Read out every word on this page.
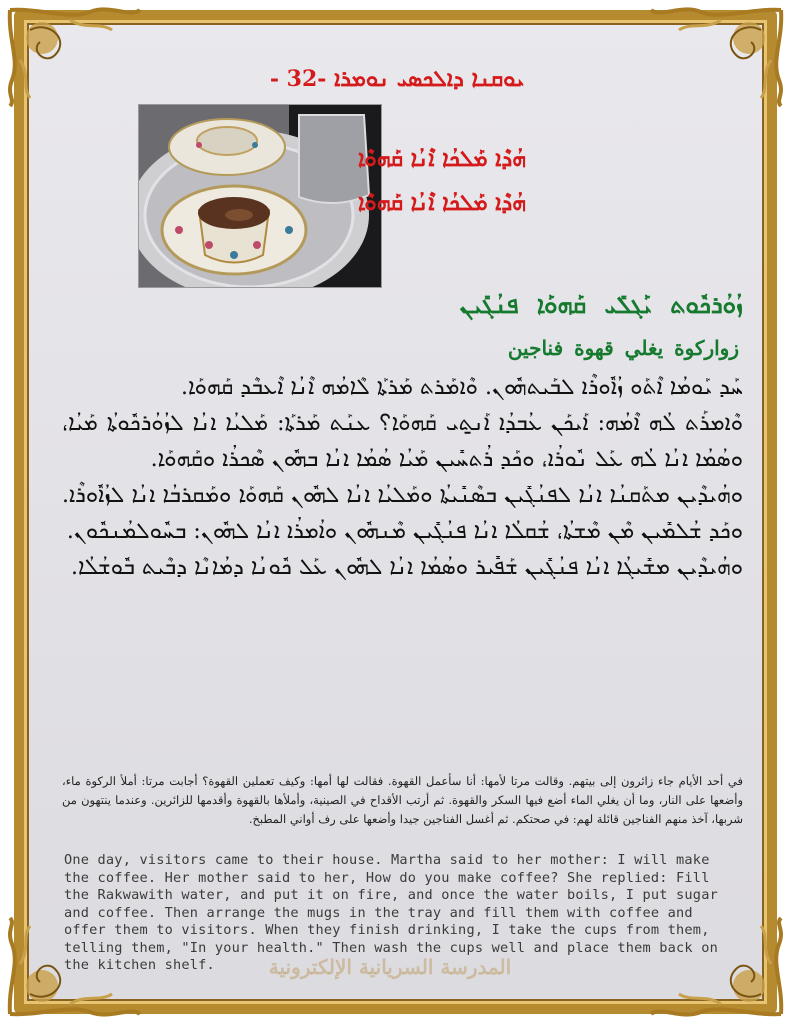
ܝܘܩܢܐ ܕܐܠܟܣܝ ܢܘܡܪܐ -32 -
ܗܳܕܶܐ ܡܰܠܟܳܐ ܐܶܢܳܐ ܩܰܗܘܶܐ
ܗܳܕܶܐ ܡܰܠܟܳܐ ܐܶܢܳܐ ܩܰܗܘܶܐ
ܙܳܘܳܪܟܽܘܬ ܝܰܓܠܺܝ ܩܰܗܘܰܐ ܦܢܳܓܺܝܢ
زواركوة يغلي قهوة فناجين

ܚܰܕ ܝܰܘܡܳܐ ܐܶܬܰܘ ܙܳܐܽܘܪܶܐ ܠܒܰܝܬܗܽܘܢ. ܘܶܐܡܰܪܬ ܡܰܪܬܰܐ ܠܶܐܡܳܗ ܐܶܢܳܐ ܐܶܥܒܶܕ ܩܰܗܘܰܐ.

ܘܶܐܡܪܰܬ ܠܳܗ ܐܶܡܳܗ: ܐܰܝܟܰܢ ܥܳܒܕܳܐ ܐܰܢ̱ܬܝ ܩܰܗܘܰܐ؟ ܥܢܰܬ ܡܰܪܬܰܐ: ܡܰܠܝܳܐ ܐܢܳܐ ܠܙܳܘܳܪܟܽܘܬܳܐ ܡܰܝܳܐ، ܘܣܳܡܳܐ ܐܢܳܐ ܠܳܗ ܥܰܠ ܢܽܘܪܳܐ، ܘܟܰܕ ܪܳܬܚܺܝܢ ܡܰܝܳܐ ܣܳܡܳܐ ܐܢܳܐ ܒܗܽܘܢ ܣܶܟܪܳܐ ܘܩܰܗܘܰܐ.

ܘܗܳܝܕܶܝܢ ܡܬܰܩܢܳܐ ܐܢܳܐ ܠܦܢܳܓܺܝܢ ܒܣܶܢܺܝܬܳܐ ܘܡܰܠܝܳܐ ܐܢܳܐ ܠܗܽܘܢ ܩܰܗܘܰܐ ܘܡܰܩܪܒܳܐ ܐܢܳܐ ܠܙܳܐܽܘܪܶܐ. ܘܟܰܕ ܫܳܠܡܺܝܢ ܡܶܢ ܡܶܫܬܳܐ، ܫܳܩܠܳܐ ܐܢܳܐ ܦܢܳܓܺܝܢ ܡܶܢܗܽܘܢ ܘܐܳܡܪܳܐ ܐܢܳܐ ܠܗܽܘܢ: ܒܚܽܘܠܡܳܢܟܽܘܢ.

ܘܗܳܝܕܶܝܢ ܡܫܺܝܓܳܐ ܐܢܳܐ ܦܢܳܓܺܝܢ ܫܰܦܺܝܪ ܘܣܳܡܳܐ ܐܢܳܐ ܠܗܽܘܢ ܥܰܠ ܟܽܘܢܳܐ ܕܡܳܐܢܶܐ ܕܒܶܝܬ ܒܽܘܫܳܠܳܐ.

في أحد الأيام جاء زائرون إلى بيتهم. وقالت مرتا لأمها: أنا سأعمل القهوة. فقالت لها أمها: وكيف تعملين القهوة؟ أجابت مرتا: أملأ الركوة ماء، وأضعها على النار، وما أن يغلي الماء أضع فيها السكر والقهوة. ثم أرتب الأقداح في الصينية، وأملأها بالقهوة وأقدمها للزائرين. وعندما ينتهون من شربها، آخذ منهم الفناجين قائلة لهم: في صحتكم. ثم أغسل الفناجين جيدا وأضعها على رف أواني المطبخ.
المدرسة السريانية الإلكترونية
One day, visitors came to their house. Martha said to her mother: I will make the coffee. Her mother said to her, How do you make coffee? She replied: Fill the Rakwawith water, and put it on fire, and once the water boils, I put sugar and coffee. Then arrange the mugs in the tray and fill them with coffee and offer them to visitors. When they finish drinking, I take the cups from them, telling them, "In your health." Then wash the cups well and place them back on the kitchen shelf.
